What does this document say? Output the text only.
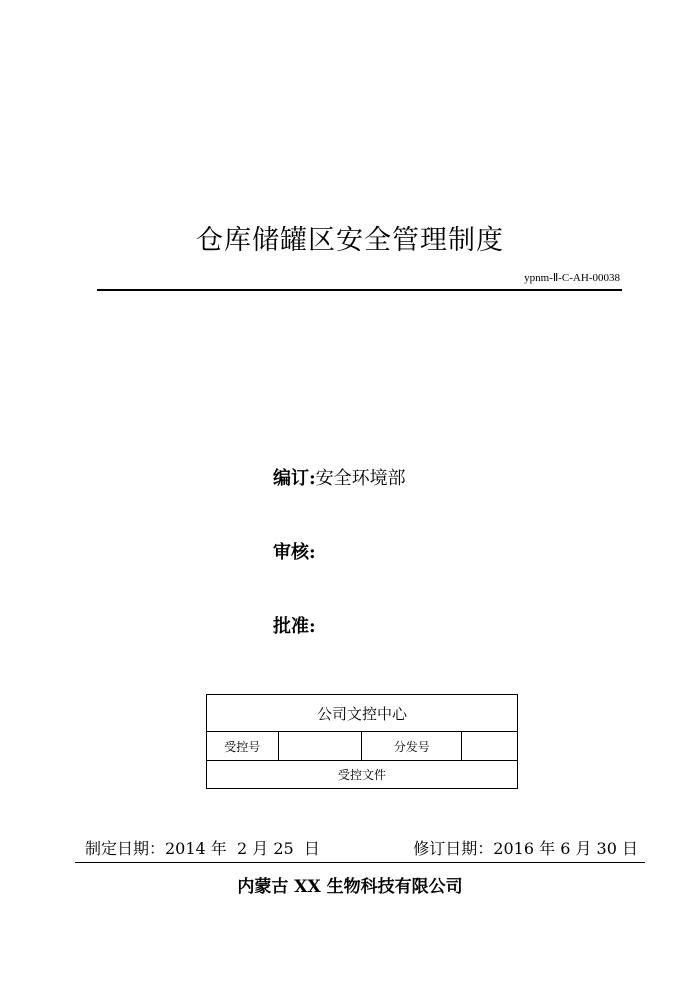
仓库储罐区安全管理制度
ypnm-Ⅱ-C-AH-00038
编订:安全环境部
审核:
批准:
公司文控中心
受控号		分发号	
受控文件
制定日期：2014 年  2 月 25  日	修订日期：2016 年 6 月 30 日
内蒙古 XX 生物科技有限公司
